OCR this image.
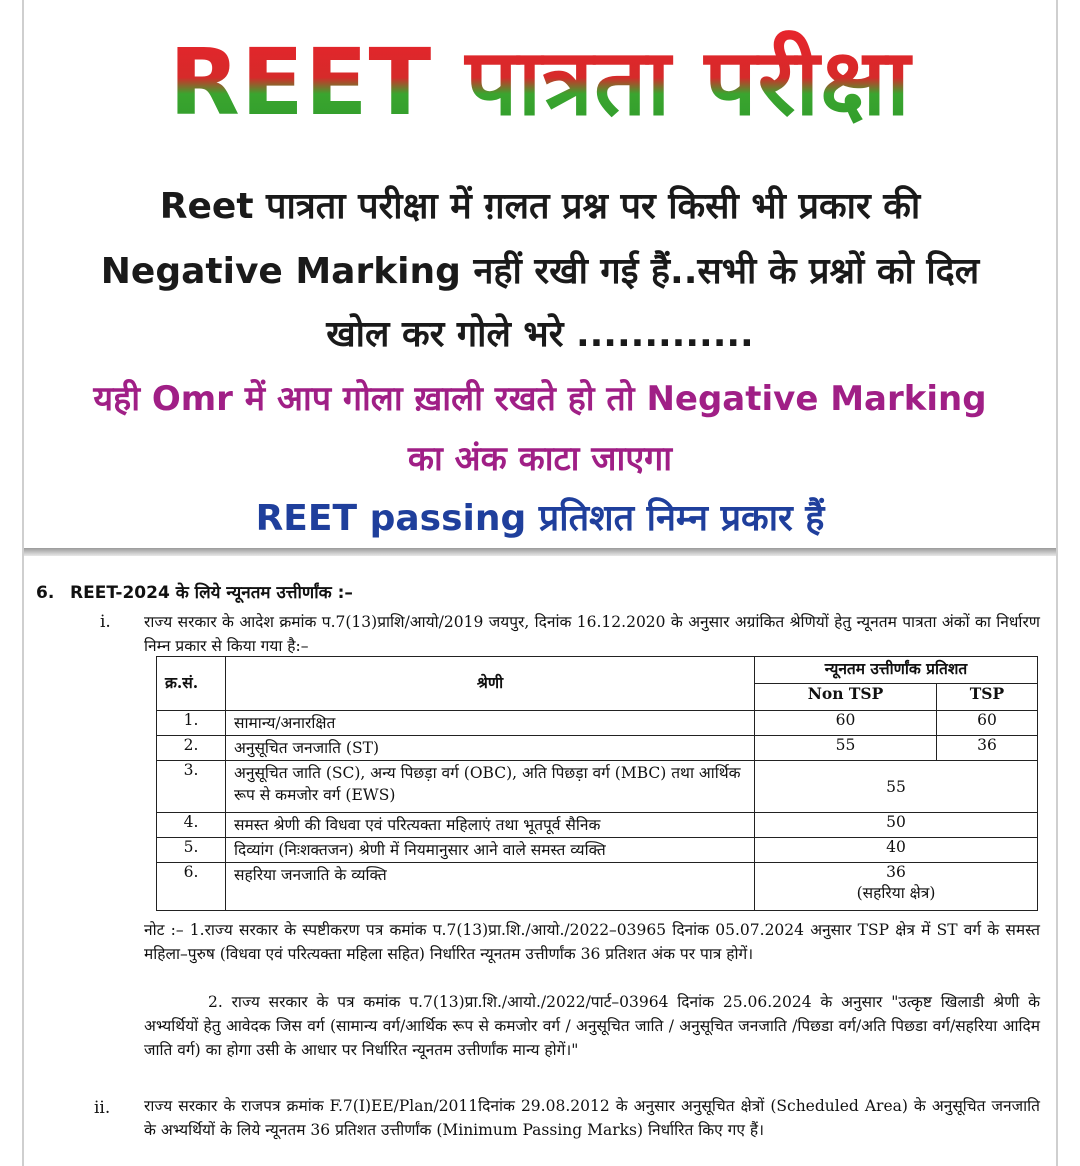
REET पात्रता परीक्षा
Reet पात्रता परीक्षा में ग़लत प्रश्न पर किसी भी प्रकार की
Negative Marking नहीं रखी गई हैं..सभी के प्रश्नों को दिल
खोल कर गोले भरे .............
यही Omr में आप गोला ख़ाली रखते हो तो Negative Marking
का अंक काटा जाएगा
REET passing प्रतिशत निम्न प्रकार हैं
6. REET-2024 के लिये न्यूनतम उत्तीर्णांक :–
i. राज्य सरकार के आदेश क्रमांक प.7(13)प्राशि/आयो/2019 जयपुर, दिनांक 16.12.2020 के अनुसार अग्रांकित श्रेणियों हेतु न्यूनतम पात्रता अंकों का निर्धारण निम्न प्रकार से किया गया है:–
क्र.सं.	श्रेणी	न्यूनतम उत्तीर्णांक प्रतिशत	
		Non TSP	TSP
1.	सामान्य/अनारक्षित	60	60
2.	अनुसूचित जनजाति (ST)	55	36
3.	अनुसूचित जाति (SC), अन्य पिछड़ा वर्ग (OBC), अति पिछड़ा वर्ग (MBC) तथा आर्थिक रूप से कमजोर वर्ग (EWS)	55	
4.	समस्त श्रेणी की विधवा एवं परित्यक्ता महिलाएं तथा भूतपूर्व सैनिक	50	
5.	दिव्यांग (निःशक्तजन) श्रेणी में नियमानुसार आने वाले समस्त व्यक्ति	40	
6.	सहरिया जनजाति के व्यक्ति	36
(सहरिया क्षेत्र)	
नोट :– 1.राज्य सरकार के स्पष्टीकरण पत्र कमांक प.7(13)प्रा.शि./आयो./2022–03965 दिनांक 05.07.2024 अनुसार TSP क्षेत्र में ST वर्ग के समस्त महिला–पुरुष (विधवा एवं परित्यक्ता महिला सहित) निर्धारित न्यूनतम उत्तीर्णांक 36 प्रतिशत अंक पर पात्र होगें।
2. राज्य सरकार के पत्र कमांक प.7(13)प्रा.शि./आयो./2022/पार्ट–03964 दिनांक 25.06.2024 के अनुसार "उत्कृष्ट खिलाडी श्रेणी के अभ्यर्थियों हेतु आवेदक जिस वर्ग (सामान्य वर्ग/आर्थिक रूप से कमजोर वर्ग / अनुसूचित जाति / अनुसूचित जनजाति /पिछडा वर्ग/अति पिछडा वर्ग/सहरिया आदिम जाति वर्ग) का होगा उसी के आधार पर निर्धारित न्यूनतम उत्तीर्णांक मान्य होगें।"
ii. राज्य सरकार के राजपत्र क्रमांक F.7(I)EE/Plan/2011दिनांक 29.08.2012 के अनुसार अनुसूचित क्षेत्रों (Scheduled Area) के अनुसूचित जनजाति के अभ्यर्थियों के लिये न्यूनतम 36 प्रतिशत उत्तीर्णांक (Minimum Passing Marks) निर्धारित किए गए हैं।
